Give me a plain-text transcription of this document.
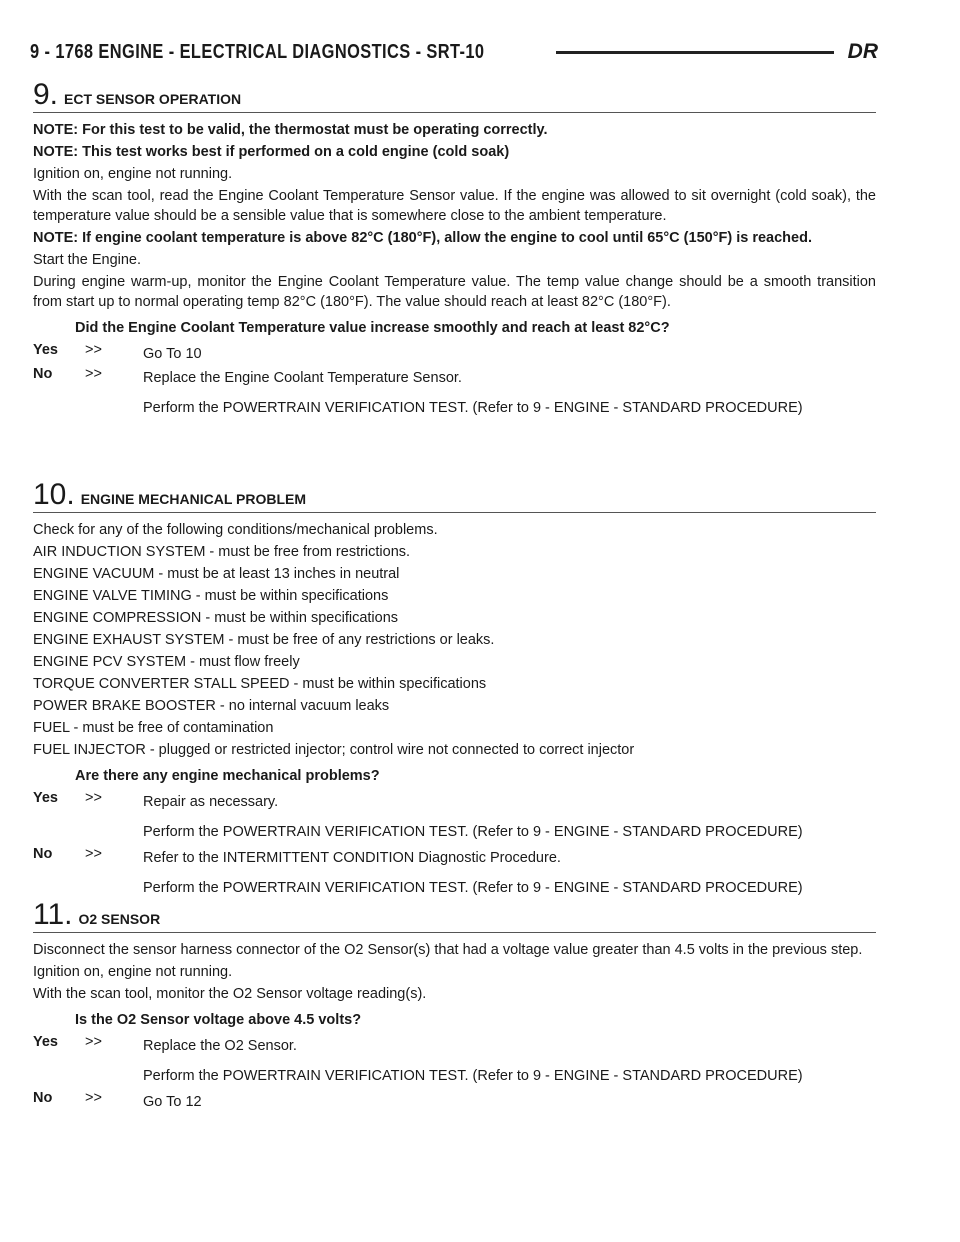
9 - 1768 ENGINE - ELECTRICAL DIAGNOSTICS - SRT-10	DR
9. ECT SENSOR OPERATION

NOTE: For this test to be valid, the thermostat must be operating correctly.

NOTE: This test works best if performed on a cold engine (cold soak)

Ignition on, engine not running.

With the scan tool, read the Engine Coolant Temperature Sensor value. If the engine was allowed to sit overnight (cold soak), the temperature value should be a sensible value that is somewhere close to the ambient temperature.

NOTE: If engine coolant temperature is above 82°C (180°F), allow the engine to cool until 65°C (150°F) is reached.

Start the Engine.

During engine warm-up, monitor the Engine Coolant Temperature value. The temp value change should be a smooth transition from start up to normal operating temp 82°C (180°F). The value should reach at least 82°C (180°F).

Did the Engine Coolant Temperature value increase smoothly and reach at least 82°C?

Yes >>	Go To 10
No >>	Replace the Engine Coolant Temperature Sensor.
Perform the POWERTRAIN VERIFICATION TEST. (Refer to 9 - ENGINE - STANDARD PROCEDURE)
10. ENGINE MECHANICAL PROBLEM

Check for any of the following conditions/mechanical problems.

AIR INDUCTION SYSTEM - must be free from restrictions.

ENGINE VACUUM - must be at least 13 inches in neutral

ENGINE VALVE TIMING - must be within specifications

ENGINE COMPRESSION - must be within specifications

ENGINE EXHAUST SYSTEM - must be free of any restrictions or leaks.

ENGINE PCV SYSTEM - must flow freely

TORQUE CONVERTER STALL SPEED - must be within specifications

POWER BRAKE BOOSTER - no internal vacuum leaks

FUEL - must be free of contamination

FUEL INJECTOR - plugged or restricted injector; control wire not connected to correct injector

Are there any engine mechanical problems?

Yes >>	Repair as necessary.
Perform the POWERTRAIN VERIFICATION TEST. (Refer to 9 - ENGINE - STANDARD PROCEDURE)
No >>	Refer to the INTERMITTENT CONDITION Diagnostic Procedure.
Perform the POWERTRAIN VERIFICATION TEST. (Refer to 9 - ENGINE - STANDARD PROCEDURE)
11. O2 SENSOR

Disconnect the sensor harness connector of the O2 Sensor(s) that had a voltage value greater than 4.5 volts in the previous step.

Ignition on, engine not running.

With the scan tool, monitor the O2 Sensor voltage reading(s).

Is the O2 Sensor voltage above 4.5 volts?

Yes >>	Replace the O2 Sensor.
Perform the POWERTRAIN VERIFICATION TEST. (Refer to 9 - ENGINE - STANDARD PROCEDURE)
No >>	Go To 12
